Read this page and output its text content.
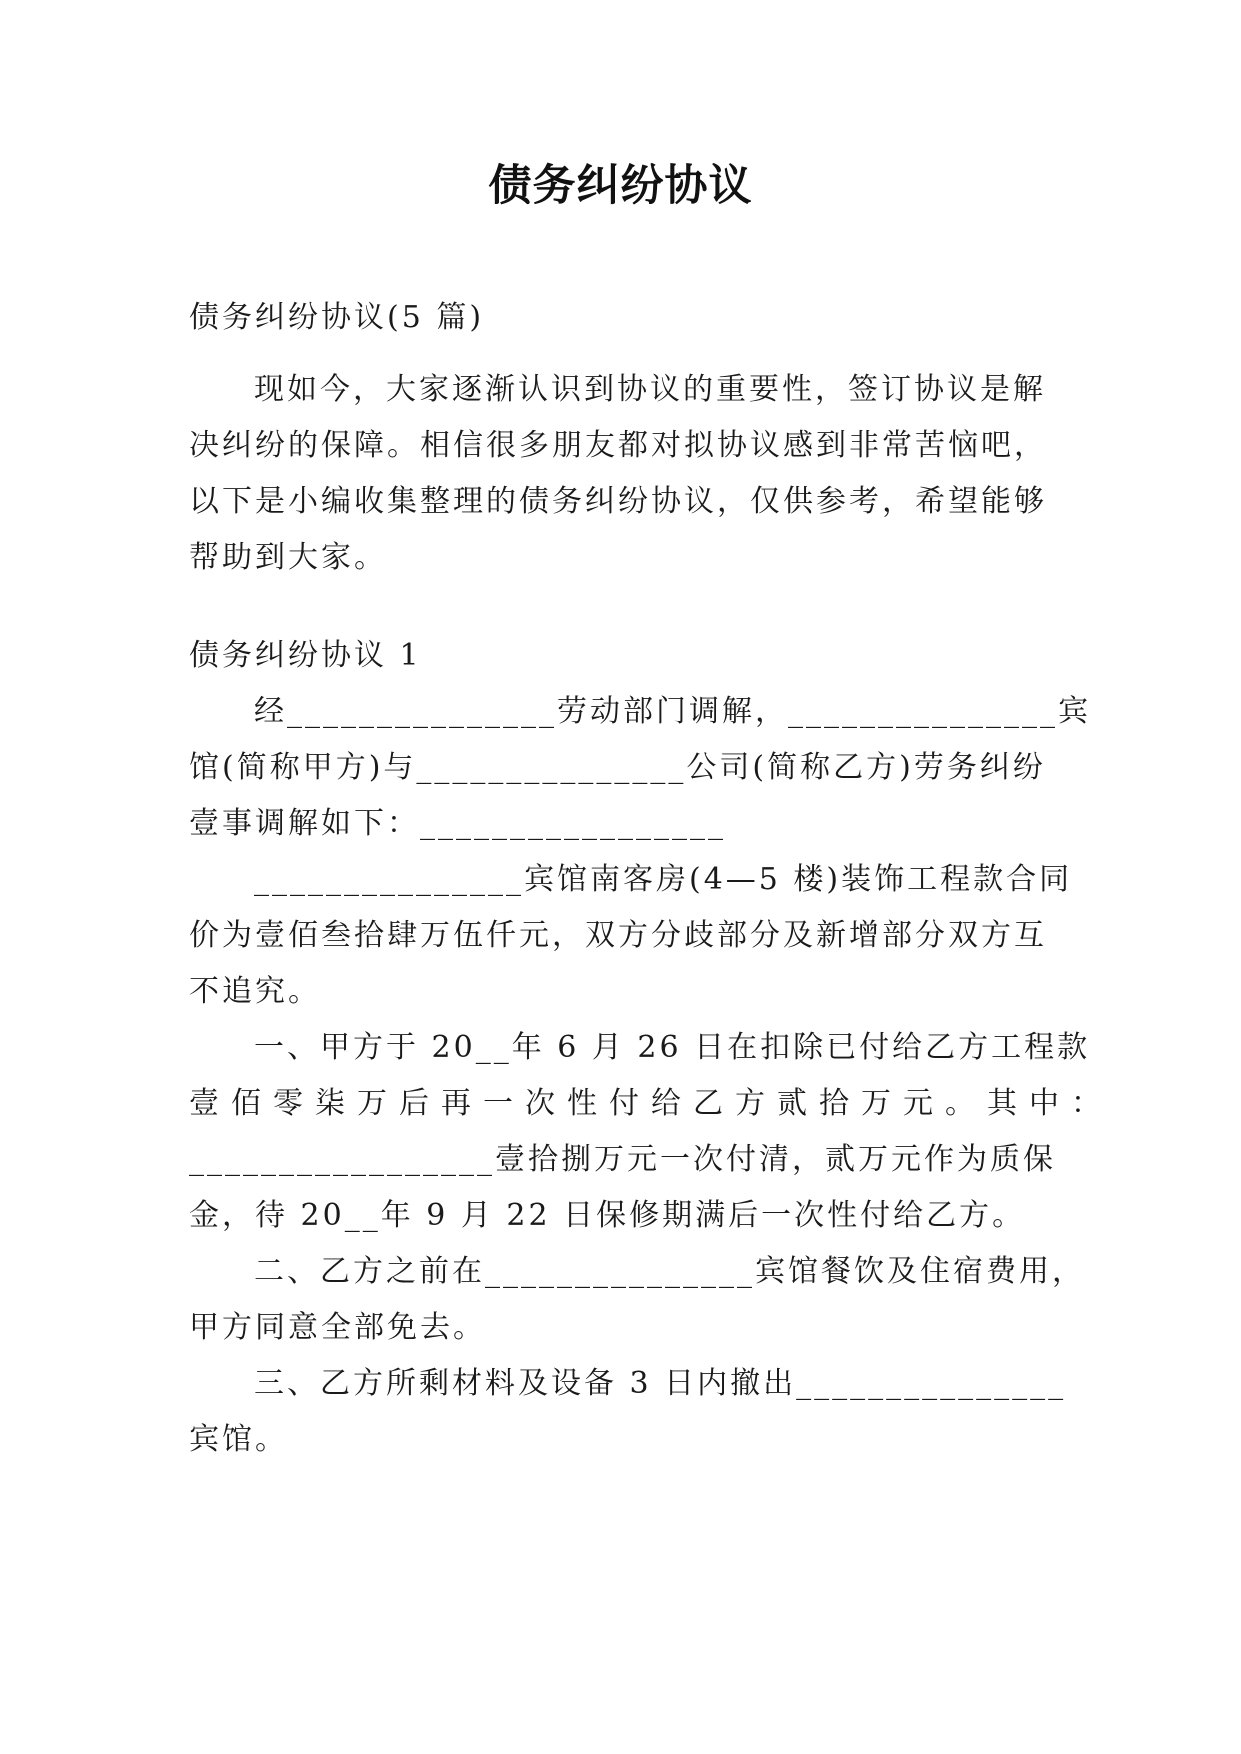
债务纠纷协议
债务纠纷协议(5 篇)
现如今，大家逐渐认识到协议的重要性，签订协议是解
决纠纷的保障。相信很多朋友都对拟协议感到非常苦恼吧，
以下是小编收集整理的债务纠纷协议，仅供参考，希望能够
帮助到大家。
债务纠纷协议 1
经_______________劳动部门调解，_______________宾
馆(简称甲方)与_______________公司(简称乙方)劳务纠纷
壹事调解如下：_________________
_______________宾馆南客房(4—5 楼)装饰工程款合同
价为壹佰叁拾肆万伍仟元，双方分歧部分及新增部分双方互
不追究。
一、甲方于 20__年 6 月 26 日在扣除已付给乙方工程款
壹佰零柒万后再一次性付给乙方贰拾万元。其中：
_________________壹拾捌万元一次付清，贰万元作为质保
金，待 20__年 9 月 22 日保修期满后一次性付给乙方。
二、乙方之前在_______________宾馆餐饮及住宿费用，
甲方同意全部免去。
三、乙方所剩材料及设备 3 日内撤出_______________
宾馆。
